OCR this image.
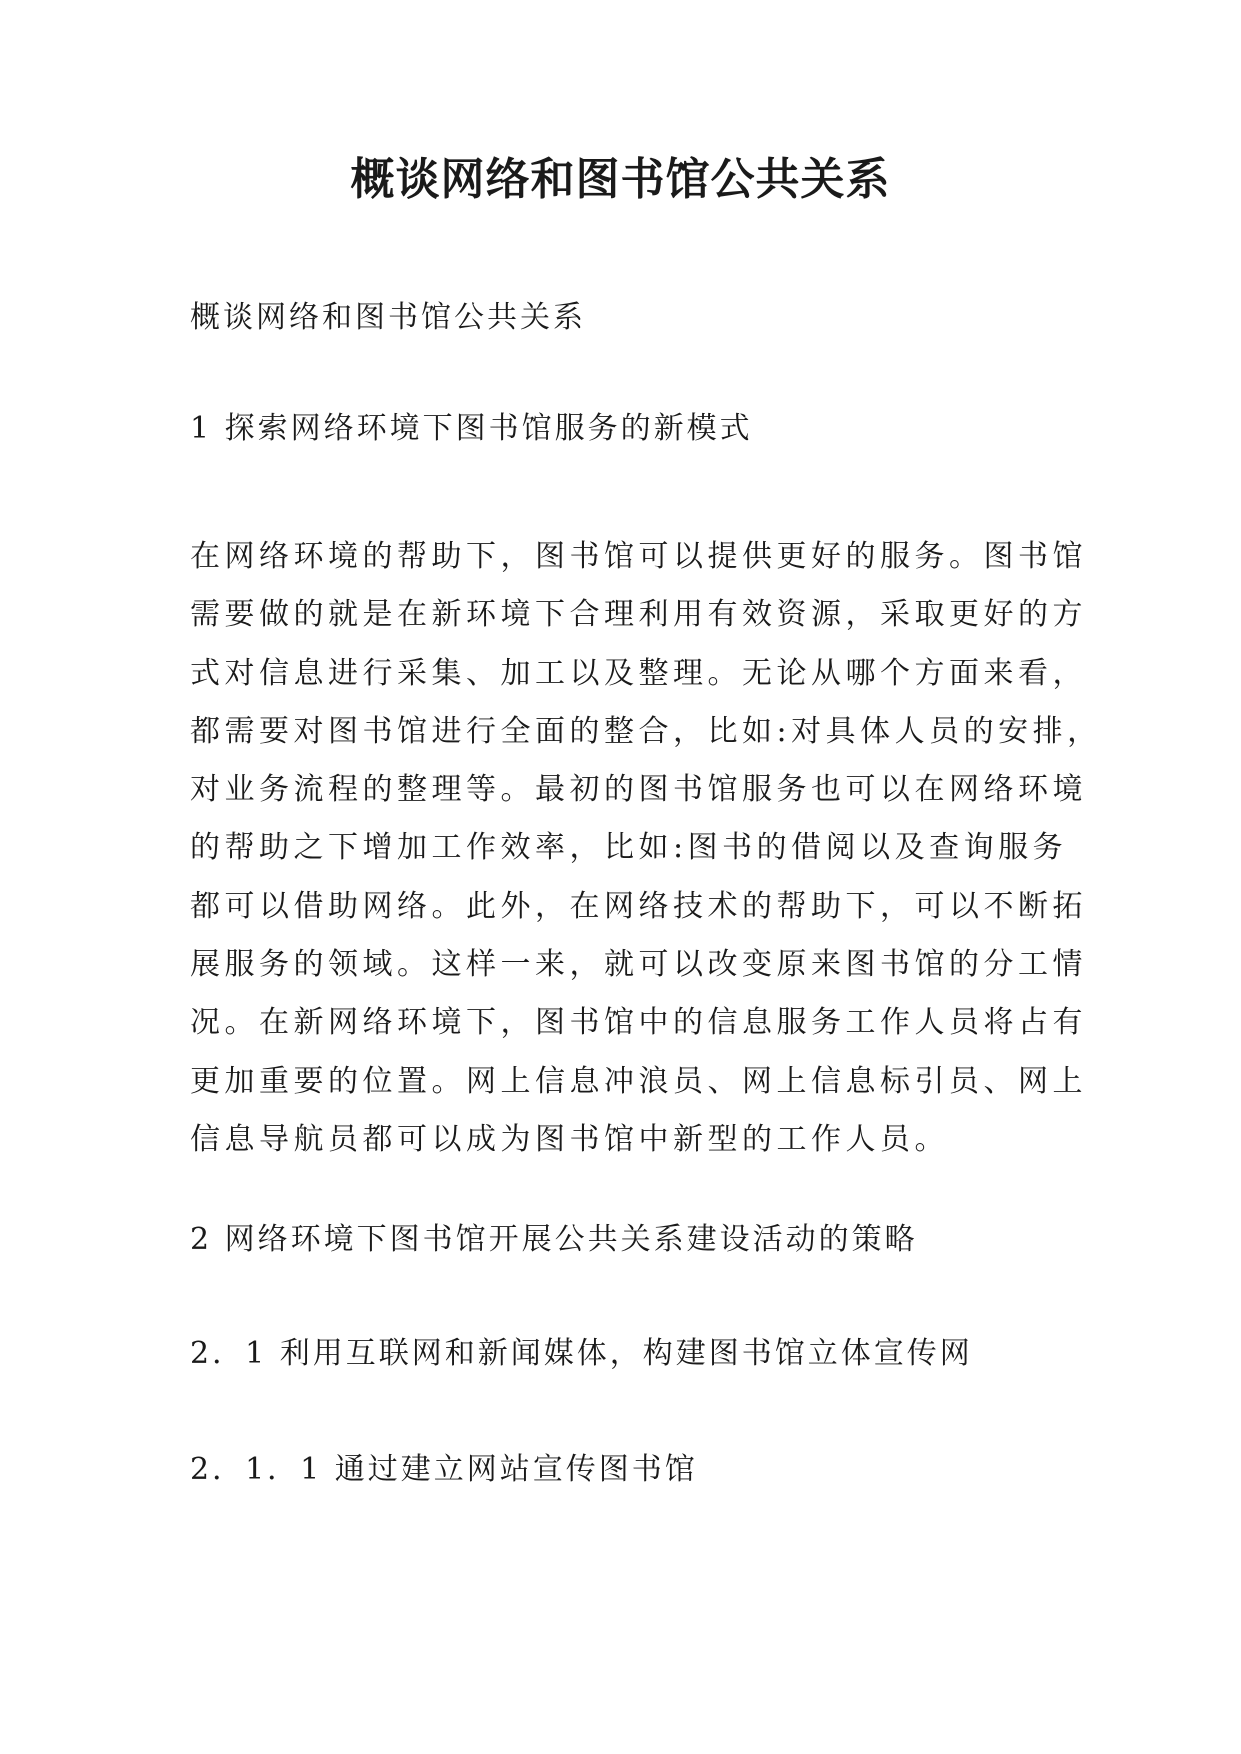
概谈网络和图书馆公共关系
概谈网络和图书馆公共关系
1 探索网络环境下图书馆服务的新模式
在网络环境的帮助下，图书馆可以提供更好的服务。图书馆
需要做的就是在新环境下合理利用有效资源，采取更好的方
式对信息进行采集、加工以及整理。无论从哪个方面来看，
都需要对图书馆进行全面的整合，比如:对具体人员的安排，
对业务流程的整理等。最初的图书馆服务也可以在网络环境
的帮助之下增加工作效率，比如:图书的借阅以及查询服务
都可以借助网络。此外，在网络技术的帮助下，可以不断拓
展服务的领域。这样一来，就可以改变原来图书馆的分工情
况。在新网络环境下，图书馆中的信息服务工作人员将占有
更加重要的位置。网上信息冲浪员、网上信息标引员、网上
信息导航员都可以成为图书馆中新型的工作人员。
2 网络环境下图书馆开展公共关系建设活动的策略
2．1 利用互联网和新闻媒体，构建图书馆立体宣传网
2．1．1 通过建立网站宣传图书馆
